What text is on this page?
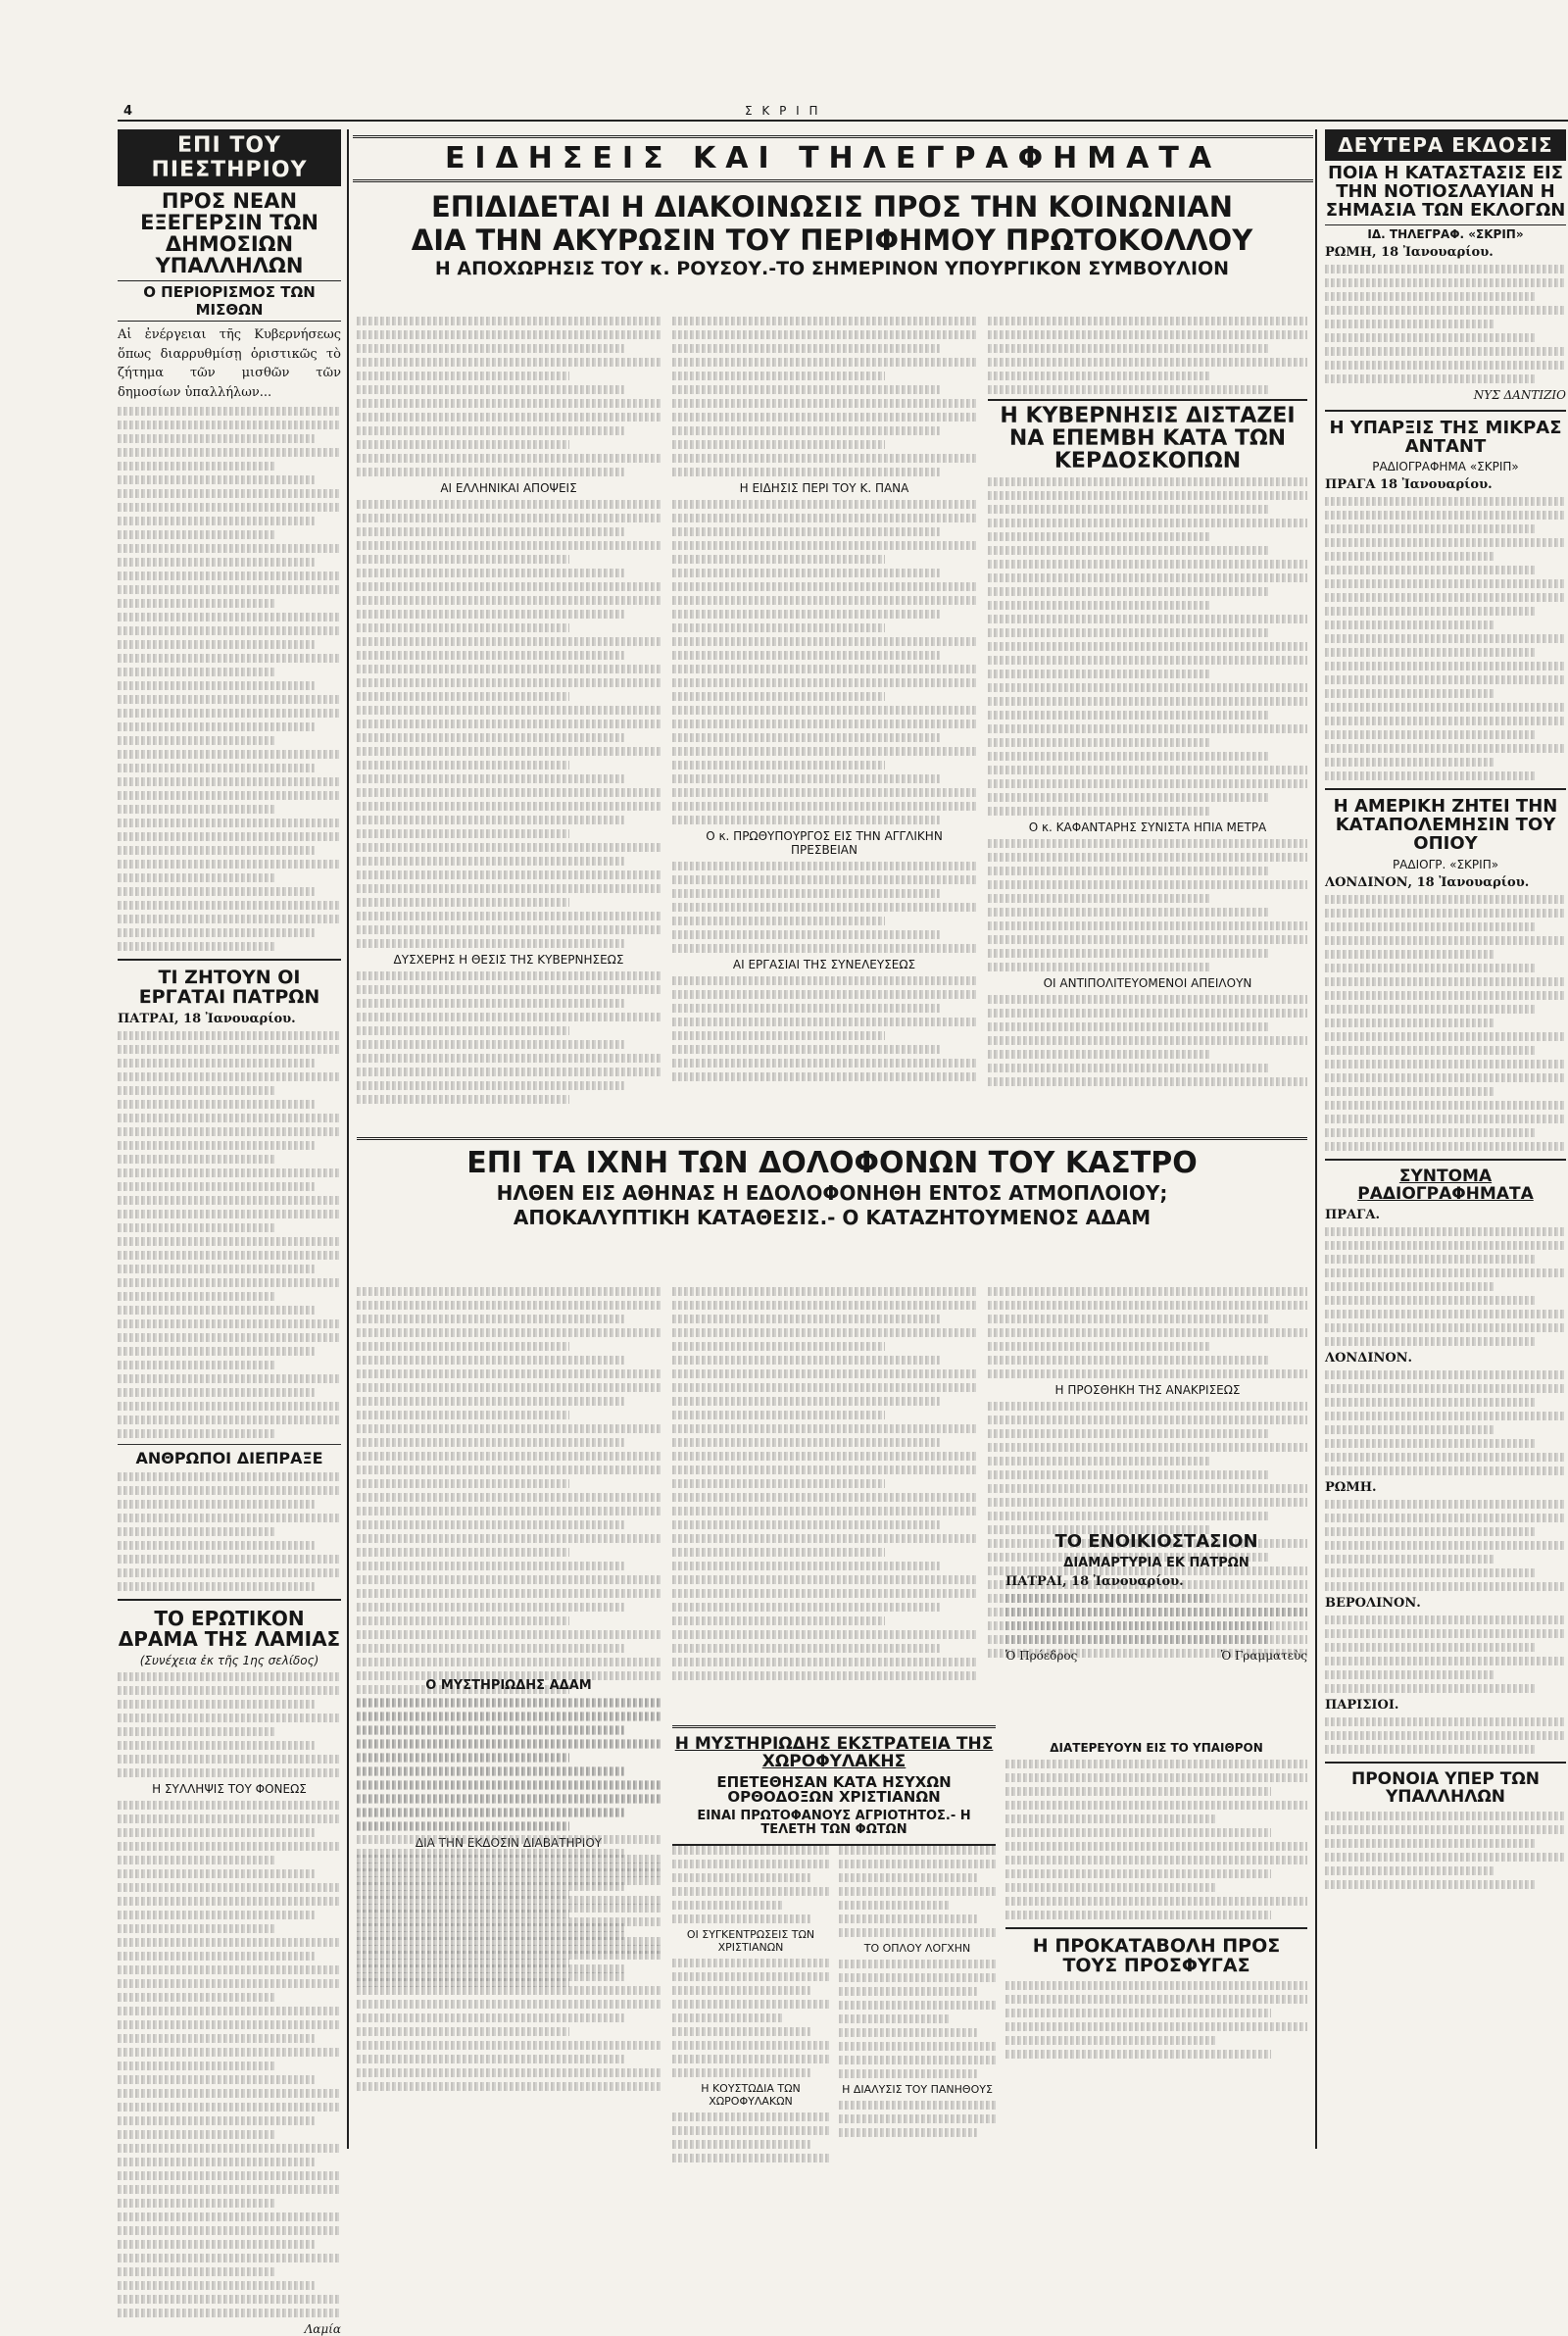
4	Σ Κ Ρ Ι Π
ΕΠΙ ΤΟΥ ΠΙΕΣΤΗΡΙΟΥ
ΠΡΟΣ ΝΕΑΝ ΕΞΕΓΕΡΣΙΝ ΤΩΝ ΔΗΜΟΣΙΩΝ ΥΠΑΛΛΗΛΩΝ
Ο ΠΕΡΙΟΡΙΣΜΟΣ ΤΩΝ ΜΙΣΘΩΝ
Αἱ ἐνέργειαι τῆς Κυβερνήσεως ὅπως διαρρυθμίσῃ ὁριστικῶς τὸ ζήτημα τῶν μισθῶν τῶν δημοσίων ὑπαλλήλων...
ΤΙ ΖΗΤΟΥΝ ΟΙ ΕΡΓΑΤΑΙ ΠΑΤΡΩΝ
ΠΑΤΡΑΙ, 18 Ἰανουαρίου.
ΑΝΘΡΩΠΟΙ ΔΙΕΠΡΑΞΕ
ΤΟ ΕΡΩΤΙΚΟΝ ΔΡΑΜΑ ΤΗΣ ΛΑΜΙΑΣ
(Συνέχεια ἐκ τῆς 1ης σελίδος)
Η ΣΥΛΛΗΨΙΣ ΤΟΥ ΦΟΝΕΩΣ
Λαμία
ΕΙΔΗΣΕΙΣ ΚΑΙ ΤΗΛΕΓΡΑΦΗΜΑΤΑ
ΕΠΙΔΙΔΕΤΑΙ Η ΔΙΑΚΟΙΝΩΣΙΣ ΠΡΟΣ ΤΗΝ ΚΟΙΝΩΝΙΑΝ
ΔΙΑ ΤΗΝ ΑΚΥΡΩΣΙΝ ΤΟΥ ΠΕΡΙΦΗΜΟΥ ΠΡΩΤΟΚΟΛΛΟΥ
Η ΑΠΟΧΩΡΗΣΙΣ ΤΟΥ κ. ΡΟΥΣΟΥ.-ΤΟ ΣΗΜΕΡΙΝΟΝ ΥΠΟΥΡΓΙΚΟΝ ΣΥΜΒΟΥΛΙΟΝ
ΑΙ ΕΛΛΗΝΙΚΑΙ ΑΠΟΨΕΙΣ
ΔΥΣΧΕΡΗΣ Η ΘΕΣΙΣ ΤΗΣ ΚΥΒΕΡΝΗΣΕΩΣ
Η ΕΙΔΗΣΙΣ ΠΕΡΙ ΤΟΥ Κ. ΠΑΝΑ
Ο κ. ΠΡΩΘΥΠΟΥΡΓΟΣ ΕΙΣ ΤΗΝ ΑΓΓΛΙΚΗΝ ΠΡΕΣΒΕΙΑΝ
ΑΙ ΕΡΓΑΣΙΑΙ ΤΗΣ ΣΥΝΕΛΕΥΣΕΩΣ
Η ΚΥΒΕΡΝΗΣΙΣ ΔΙΣΤΑΖΕΙ ΝΑ ΕΠΕΜΒΗ ΚΑΤΑ ΤΩΝ ΚΕΡΔΟΣΚΟΠΩΝ
Ο κ. ΚΑΦΑΝΤΑΡΗΣ ΣΥΝΙΣΤΑ ΗΠΙΑ ΜΕΤΡΑ
ΟΙ ΑΝΤΙΠΟΛΙΤΕΥΟΜΕΝΟΙ ΑΠΕΙΛΟΥΝ
ΕΠΙ ΤΑ ΙΧΝΗ ΤΩΝ ΔΟΛΟΦΟΝΩΝ ΤΟΥ ΚΑΣΤΡΟ
ΗΛΘΕΝ ΕΙΣ ΑΘΗΝΑΣ Η ΕΔΟΛΟΦΟΝΗΘΗ ΕΝΤΟΣ ΑΤΜΟΠΛΟΙΟΥ;
ΑΠΟΚΑΛΥΠΤΙΚΗ ΚΑΤΑΘΕΣΙΣ.- Ο ΚΑΤΑΖΗΤΟΥΜΕΝΟΣ ΑΔΑΜ
ΔΙΑ ΤΗΝ ΕΚΔΟΣΙΝ ΔΙΑΒΑΤΗΡΙΟΥ
Η ΠΡΟΣΘΗΚΗ ΤΗΣ ΑΝΑΚΡΙΣΕΩΣ
Η ΜΥΣΤΗΡΙΩΔΗΣ ΕΚΣΤΡΑΤΕΙΑ ΤΗΣ ΧΩΡΟΦΥΛΑΚΗΣ
ΕΠΕΤΕΘΗΣΑΝ ΚΑΤΑ ΗΣΥΧΩΝ ΟΡΘΟΔΟΞΩΝ ΧΡΙΣΤΙΑΝΩΝ
ΕΙΝΑΙ ΠΡΩΤΟΦΑΝΟΥΣ ΑΓΡΙΟΤΗΤΟΣ.- Η ΤΕΛΕΤΗ ΤΩΝ ΦΩΤΩΝ
ΟΙ ΣΥΓΚΕΝΤΡΩΣΕΙΣ ΤΩΝ ΧΡΙΣΤΙΑΝΩΝ
Η ΚΟΥΣΤΩΔΙΑ ΤΩΝ ΧΩΡΟΦΥΛΑΚΩΝ
ΤΟ ΟΠΛΟΥ ΛΟΓΧΗΝ
Η ΔΙΑΛΥΣΙΣ ΤΟΥ ΠΑΝΗΘΟΥΣ
Ο ΜΥΣΤΗΡΙΩΔΗΣ ΑΔΑΜ
ΔΙΑΤΕΡΕΥΟΥΝ ΕΙΣ ΤΟ ΥΠΑΙΘΡΟΝ
Η ΠΡΟΚΑΤΑΒΟΛΗ ΠΡΟΣ ΤΟΥΣ ΠΡΟΣΦΥΓΑΣ
ΤΟ ΕΝΟΙΚΙΟΣΤΑΣΙΟΝ
ΔΙΑΜΑΡΤΥΡΙΑ ΕΚ ΠΑΤΡΩΝ
ΠΑΤΡΑΙ, 18 Ἰανουαρίου.
Ὁ Πρόεδρος	Ὁ Γραμματεὺς
ΔΕΥΤΕΡΑ ΕΚΔΟΣΙΣ
ΠΟΙΑ Η ΚΑΤΑΣΤΑΣΙΣ ΕΙΣ ΤΗΝ ΝΟΤΙΟΣΛΑΥΙΑΝ Η ΣΗΜΑΣΙΑ ΤΩΝ ΕΚΛΟΓΩΝ
ΙΔ. ΤΗΛΕΓΡΑΦ. «ΣΚΡΙΠ»
ΡΩΜΗ, 18 Ἰανουαρίου.
ΝΥΣ ΔΑΝΤΙΖΙΟ
Η ΥΠΑΡΞΙΣ ΤΗΣ ΜΙΚΡΑΣ ΑΝΤΑΝΤ
ΡΑΔΙΟΓΡΑΦΗΜΑ «ΣΚΡΙΠ»
ΠΡΑΓΑ 18 Ἰανουαρίου.
Η ΑΜΕΡΙΚΗ ΖΗΤΕΙ ΤΗΝ ΚΑΤΑΠΟΛΕΜΗΣΙΝ ΤΟΥ ΟΠΙΟΥ
ΡΑΔΙΟΓΡ. «ΣΚΡΙΠ»
ΛΟΝΔΙΝΟΝ, 18 Ἰανουαρίου.
ΣΥΝΤΟΜΑ ΡΑΔΙΟΓΡΑΦΗΜΑΤΑ
ΠΡΑΓΑ.
ΛΟΝΔΙΝΟΝ.
ΡΩΜΗ.
ΒΕΡΟΛΙΝΟΝ.
ΠΑΡΙΣΙΟΙ.
ΠΡΟΝΟΙΑ ΥΠΕΡ ΤΩΝ ΥΠΑΛΛΗΛΩΝ
